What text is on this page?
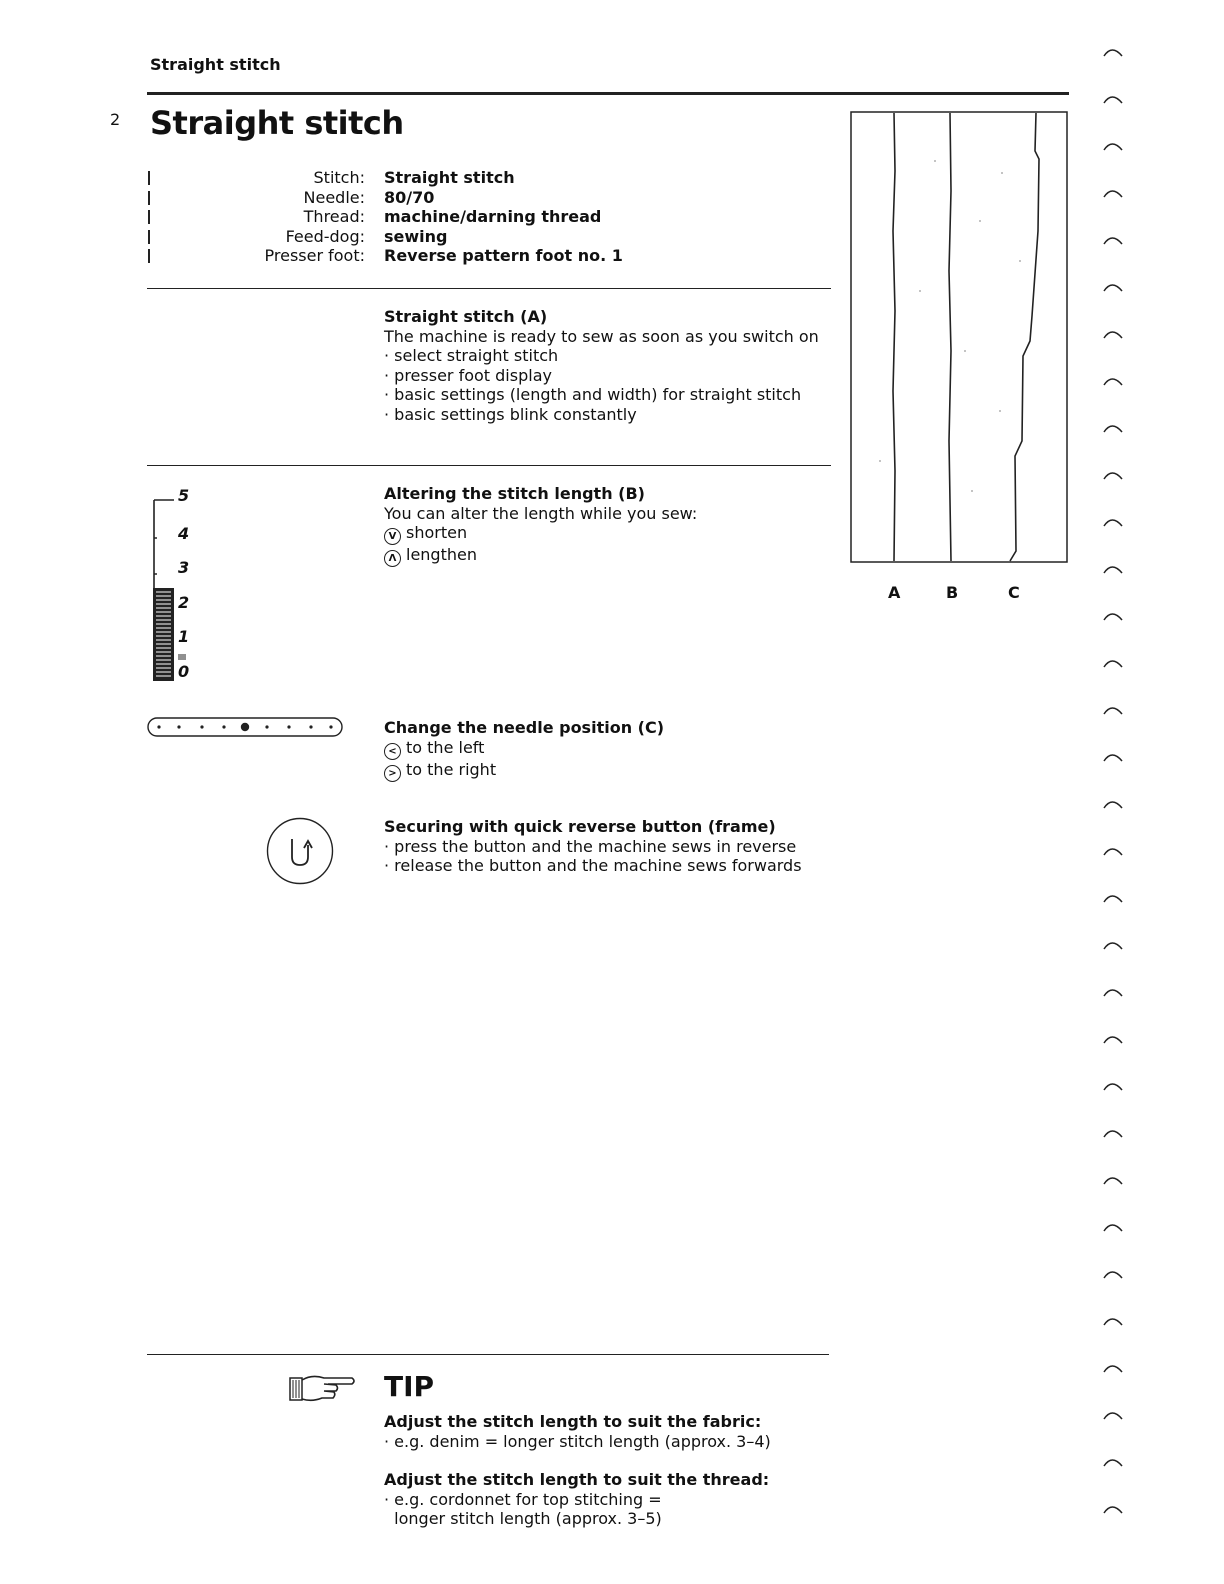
Straight stitch
2 Straight stitch
Stitch: Straight stitch
Needle: 80/70
Thread: machine/darning thread
Feed-dog: sewing
Presser foot: Reverse pattern foot no. 1
Straight stitch (A)
The machine is ready to sew as soon as you switch on
· select straight stitch
· presser foot display
· basic settings (length and width) for straight stitch
· basic settings blink constantly
5
4
3
2
1
0
Altering the stitch length (B)
You can alter the length while you sew:
V shorten
Λ lengthen
Change the needle position (C)
< to the left
> to the right
Securing with quick reverse button (frame)
· press the button and the machine sews in reverse
· release the button and the machine sews forwards
A	B	C
TIP
Adjust the stitch length to suit the fabric:
· e.g. denim = longer stitch length (approx. 3–4)
Adjust the stitch length to suit the thread:
· e.g. cordonnet for top stitching =
longer stitch length (approx. 3–5)
